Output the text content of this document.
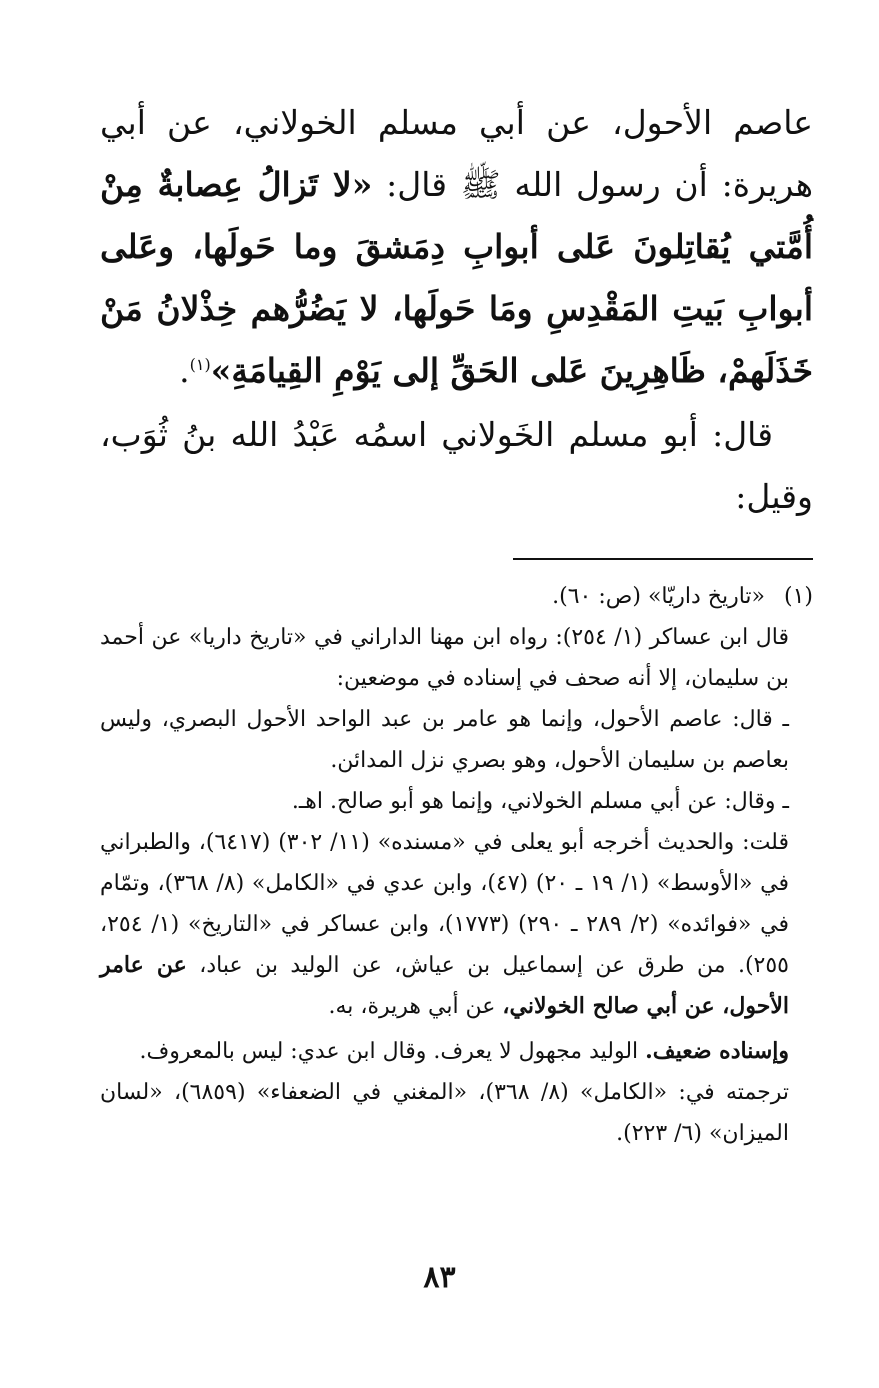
عاصم الأحول، عن أبي مسلم الخولاني، عن أبي هريرة: أن رسول الله ﷺ قال: «لا تَزالُ عِصابةٌ مِنْ أُمَّتي يُقاتِلونَ عَلى أبوابِ دِمَشقَ وما حَولَها، وعَلى أبوابِ بَيتِ المَقْدِسِ ومَا حَولَها، لا يَضُرُّهم خِذْلانُ مَنْ خَذَلَهمْ، ظَاهِرِينَ عَلى الحَقِّ إلى يَوْمِ القِيامَةِ»$^{(١)}$.

قال: أبو مسلم الخَولاني اسمُه عَبْدُ الله بنُ ثُوَب، وقيل:

(١)«تاريخ داريّا» (ص: ٦٠).

قال ابن عساكر (١/ ٢٥٤): رواه ابن مهنا الداراني في «تاريخ داريا» عن أحمد بن سليمان، إلا أنه صحف في إسناده في موضعين:

ـ قال: عاصم الأحول، وإنما هو عامر بن عبد الواحد الأحول البصري، وليس بعاصم بن سليمان الأحول، وهو بصري نزل المدائن.

ـ وقال: عن أبي مسلم الخولاني، وإنما هو أبو صالح. اهـ.

قلت: والحديث أخرجه أبو يعلى في «مسنده» (١١/ ٣٠٢) (٦٤١٧)، والطبراني في «الأوسط» (١/ ١٩ ـ ٢٠) (٤٧)، وابن عدي في «الكامل» (٨/ ٣٦٨)، وتمّام في «فوائده» (٢/ ٢٨٩ ـ ٢٩٠) (١٧٧٣)، وابن عساكر في «التاريخ» (١/ ٢٥٤، ٢٥٥). من طرق عن إسماعيل بن عياش، عن الوليد بن عباد، عن عامر الأحول، عن أبي صالح الخولاني، عن أبي هريرة، به.

وإسناده ضعيف. الوليد مجهول لا يعرف. وقال ابن عدي: ليس بالمعروف.

ترجمته في: «الكامل» (٨/ ٣٦٨)، «المغني في الضعفاء» (٦٨٥٩)، «لسان الميزان» (٦/ ٢٢٣).

٨٣
